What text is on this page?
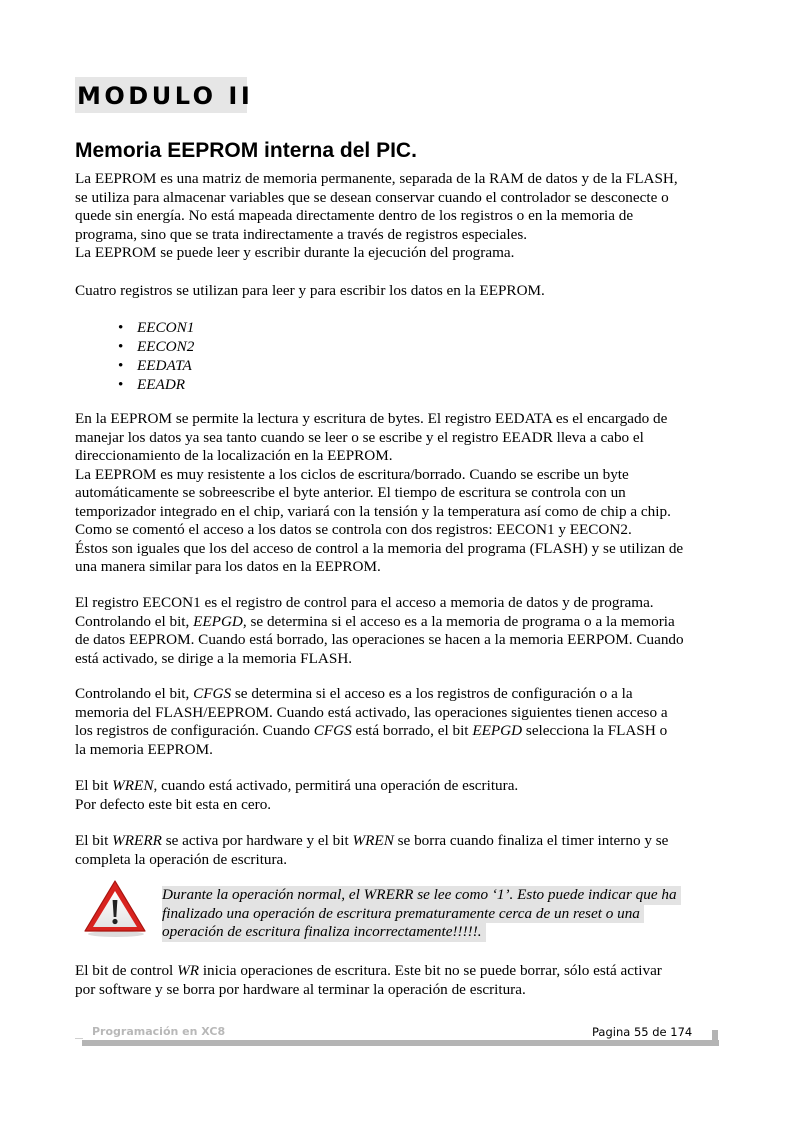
MODULO II
Memoria EEPROM interna del PIC.
La EEPROM es una matriz de memoria permanente, separada de la RAM de datos y de la FLASH,
se utiliza para almacenar variables que se desean conservar cuando el controlador se desconecte o
quede sin energía. No está mapeada directamente dentro de los registros o en la memoria de
programa, sino que se trata indirectamente a través de registros especiales.
La EEPROM se puede leer y escribir durante la ejecución del programa.
Cuatro registros se utilizan para leer y para escribir los datos en la EEPROM.
• EECON1
• EECON2
• EEDATA
• EEADR
En la EEPROM se permite la lectura y escritura de bytes. El registro EEDATA es el encargado de
manejar los datos ya sea tanto cuando se leer o se escribe y el registro EEADR lleva a cabo el
direccionamiento de la localización en la EEPROM.
La EEPROM es muy resistente a los ciclos de escritura/borrado. Cuando se escribe un byte
automáticamente se sobreescribe el byte anterior. El tiempo de escritura se controla con un
temporizador integrado en el chip, variará con la tensión y la temperatura así como de chip a chip.
Como se comentó el acceso a los datos se controla con dos registros: EECON1 y EECON2.
Éstos son iguales que los del acceso de control a la memoria del programa (FLASH) y se utilizan de
una manera similar para los datos en la EEPROM.
El registro EECON1 es el registro de control para el acceso a memoria de datos y de programa.
Controlando el bit, EEPGD, se determina si el acceso es a la memoria de programa o a la memoria
de datos EEPROM. Cuando está borrado, las operaciones se hacen a la memoria EERPOM. Cuando
está activado, se dirige a la memoria FLASH.
Controlando el bit, CFGS se determina si el acceso es a los registros de configuración o a la
memoria del FLASH/EEPROM. Cuando está activado, las operaciones siguientes tienen acceso a
los registros de configuración. Cuando CFGS está borrado, el bit EEPGD selecciona la FLASH o
la memoria EEPROM.
El bit WREN, cuando está activado, permitirá una operación de escritura.
Por defecto este bit esta en cero.
El bit WRERR se activa por hardware y el bit WREN se borra cuando finaliza el timer interno y se
completa la operación de escritura.
Durante la operación normal, el WRERR se lee como ‘1’. Esto puede indicar que ha
finalizado una operación de escritura prematuramente cerca de un reset o una
operación de escritura finaliza incorrectamente!!!!!.
El bit de control WR inicia operaciones de escritura. Este bit no se puede borrar, sólo está activar
por software y se borra por hardware al terminar la operación de escritura.
Programación en XC8	Pagina 55 de 174
